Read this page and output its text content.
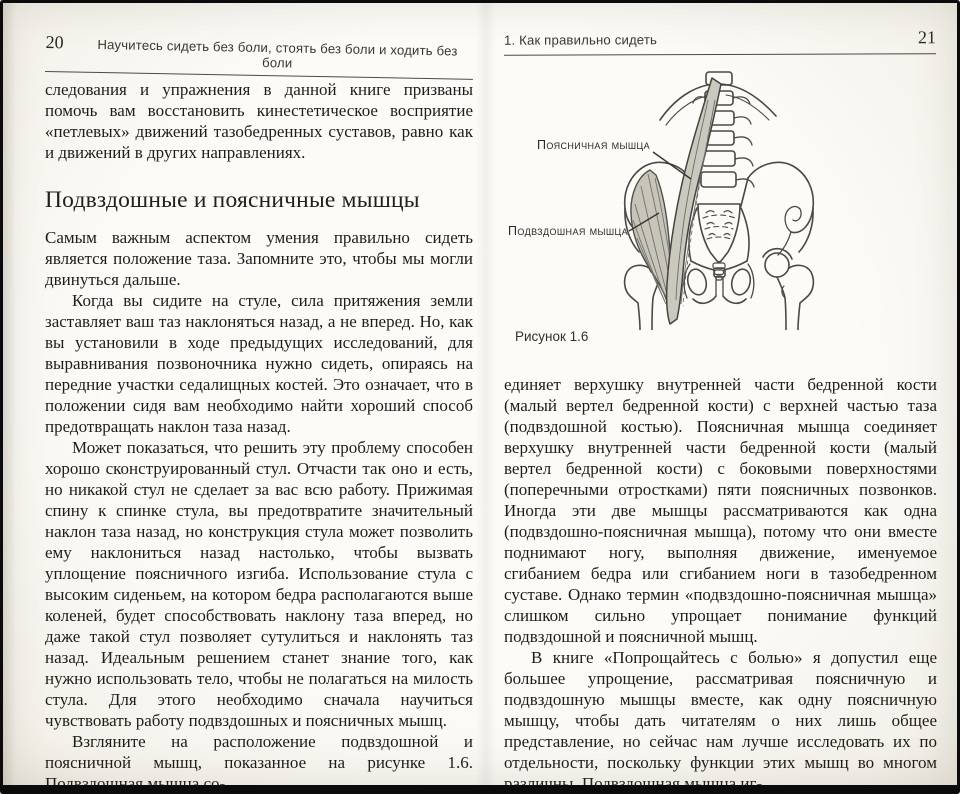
20	Научитесь сидеть без боли, стоять без боли и ходить без боли
1. Как правильно сидеть	21

следования и упражнения в данной книге призваны помочь вам восстановить кинестетическое восприятие «петлевых» движений тазобедренных суставов, равно как и движений в других направлениях.

Подвздошные и поясничные мышцы

Самым важным аспектом умения правильно сидеть является положение таза. Запомните это, чтобы мы могли двинуться дальше.

Когда вы сидите на стуле, сила притяжения земли заставляет ваш таз наклоняться назад, а не вперед. Но, как вы установили в ходе предыдущих исследований, для выравнивания позвоночника нужно сидеть, опираясь на передние участки седалищных костей. Это означает, что в положении сидя вам необходимо найти хороший способ предотвращать наклон таза назад.

Может показаться, что решить эту проблему способен хорошо сконструированный стул. Отчасти так оно и есть, но никакой стул не сделает за вас всю работу. Прижимая спину к спинке стула, вы предотвратите значительный наклон таза назад, но конструкция стула может позволить ему наклониться назад настолько, чтобы вызвать уплощение поясничного изгиба. Использование стула с высоким сиденьем, на котором бедра располагаются выше коленей, будет способствовать наклону таза вперед, но даже такой стул позволяет сутулиться и наклонять таз назад. Идеальным решением станет знание того, как нужно использовать тело, чтобы не полагаться на милость стула. Для этого необходимо сначала научиться чувствовать работу подвздошных и поясничных мышц.

Взгляните на расположение подвздошной и поясничной мышц, показанное на рисунке 1.6. Подвздошная мышца со-

Поясничная мышца
Подвздошная мышца
Рисунок 1.6

единяет верхушку внутренней части бедренной кости (малый вертел бедренной кости) с верхней частью таза (подвздошной костью). Поясничная мышца соединяет верхушку внутренней части бедренной кости (малый вертел бедренной кости) с боковыми поверхностями (поперечными отростками) пяти поясничных позвонков. Иногда эти две мышцы рассматриваются как одна (подвздошно-поясничная мышца), потому что они вместе поднимают ногу, выполняя движение, именуемое сгибанием бедра или сгибанием ноги в тазобедренном суставе. Однако термин «подвздошно-поясничная мышца» слишком сильно упрощает понимание функций подвздошной и поясничной мышц.

В книге «Попрощайтесь с болью» я допустил еще большее упрощение, рассматривая поясничную и подвздошную мышцы вместе, как одну поясничную мышцу, чтобы дать читателям о них лишь общее представление, но сейчас нам лучше исследовать их по отдельности, поскольку функции этих мышц во многом различны. Подвздошная мышца иг-
